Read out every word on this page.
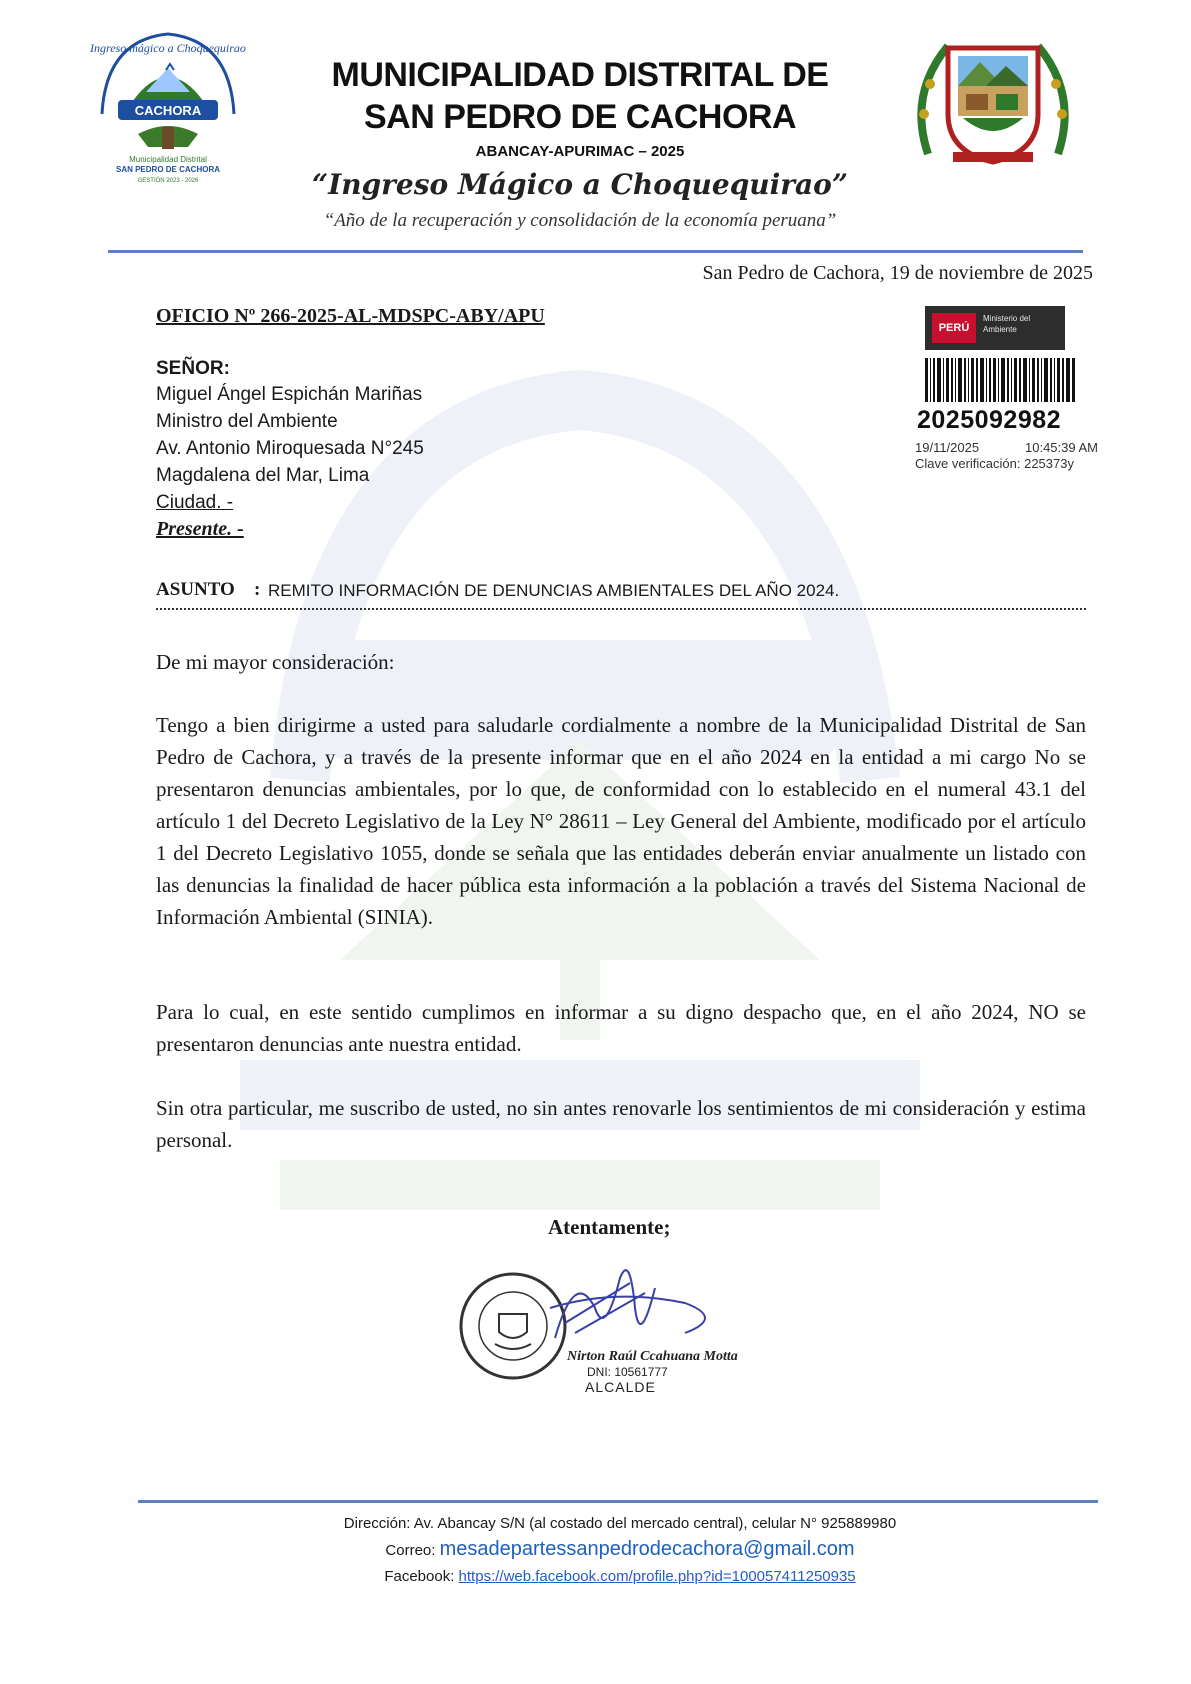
Ingreso mágico a Choquequirao
CACHORA
Municipalidad Distrital
SAN PEDRO DE CACHORA
GESTIÓN 2023 - 2026
MUNICIPALIDAD DISTRITAL DE
SAN PEDRO DE CACHORA
ABANCAY-APURIMAC – 2025
“Ingreso Mágico a Choquequirao”
“Año de la recuperación y consolidación de la economía peruana”
San Pedro de Cachora, 19 de noviembre de 2025
OFICIO Nº 266-2025-AL-MDSPC-ABY/APU
PERÚ
Ministerio del Ambiente
2025092982
19/11/2025	10:45:39 AM
Clave verificación: 225373y
SEÑOR:
Miguel Ángel Espichán Mariñas
Ministro del Ambiente
Av. Antonio Miroquesada N°245
Magdalena del Mar, Lima
Ciudad. -
Presente. -
ASUNTO : REMITO INFORMACIÓN DE DENUNCIAS AMBIENTALES DEL AÑO 2024.
De mi mayor consideración:
Tengo a bien dirigirme a usted para saludarle cordialmente a nombre de la Municipalidad Distrital de San Pedro de Cachora, y a través de la presente informar que en el año 2024 en la entidad a mi cargo No se presentaron denuncias ambientales, por lo que, de conformidad con lo establecido en el numeral 43.1 del artículo 1 del Decreto Legislativo de la Ley N° 28611 – Ley General del Ambiente, modificado por el artículo 1 del Decreto Legislativo 1055, donde se señala que las entidades deberán enviar anualmente un listado con las denuncias la finalidad de hacer pública esta información a la población a través del Sistema Nacional de Información Ambiental (SINIA).
Para lo cual, en este sentido cumplimos en informar a su digno despacho que, en el año 2024, NO se presentaron denuncias ante nuestra entidad.
Sin otra particular, me suscribo de usted, no sin antes renovarle los sentimientos de mi consideración y estima personal.
Atentamente;
Nirton Raúl Ccahuana Motta
DNI: 10561777
ALCALDE
Dirección: Av. Abancay S/N (al costado del mercado central), celular N° 925889980
Correo: mesadepartessanpedrodecachora@gmail.com
Facebook: https://web.facebook.com/profile.php?id=100057411250935
